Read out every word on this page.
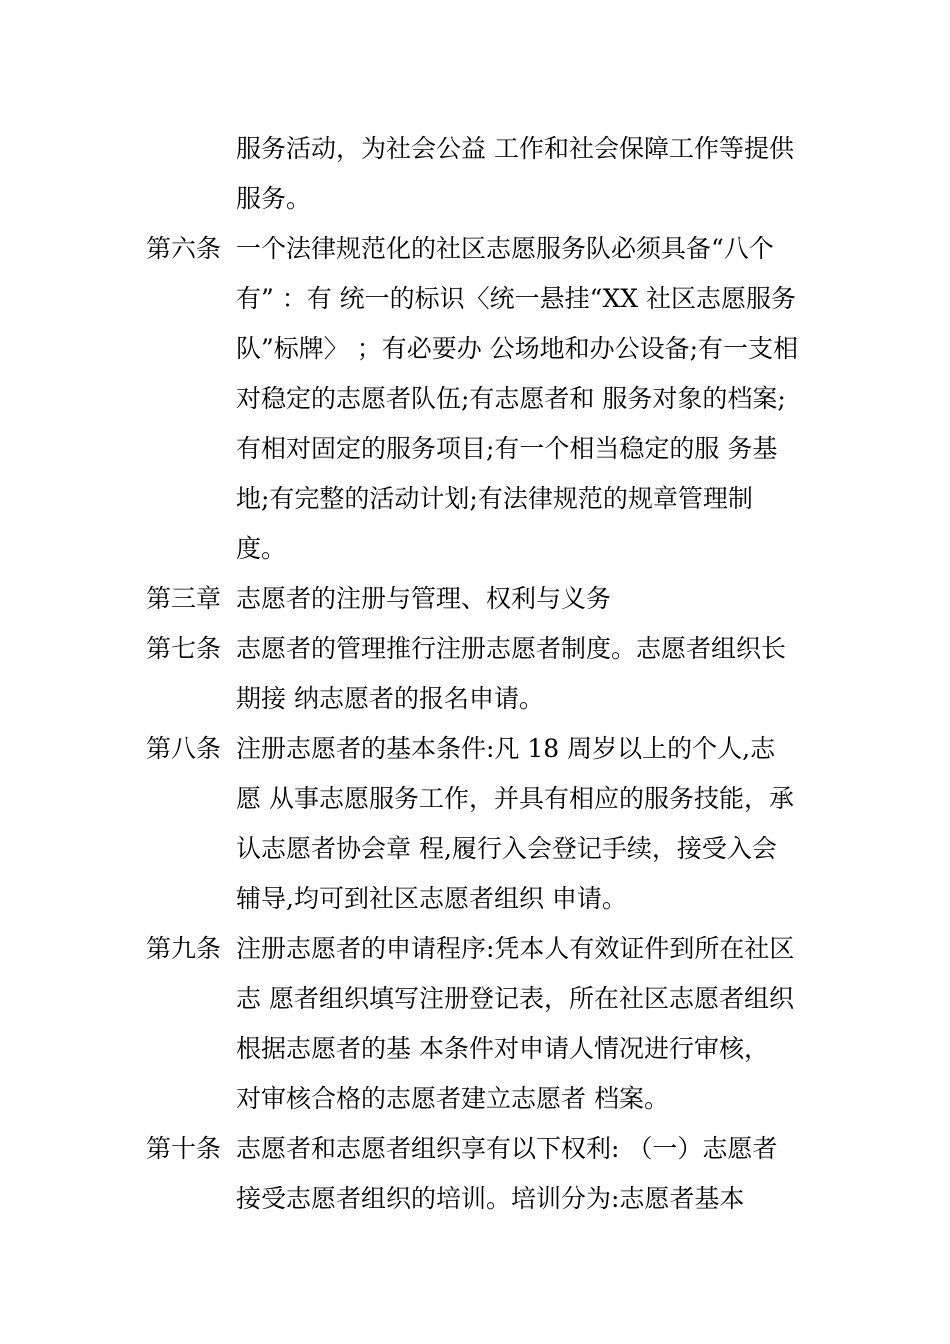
服务活动，为社会公益 工作和社会保障工作等提供服务。
第六条 一个法律规范化的社区志愿服务队必须具备“八个有” ：有 统一的标识〈统一悬挂“XX 社区志愿服务队”标牌〉 ；有必要办 公场地和办公设备;有一支相对稳定的志愿者队伍;有志愿者和 服务对象的档案;有相对固定的服务项目;有一个相当稳定的服 务基地;有完整的活动计划;有法律规范的规章管理制度。
第三章 志愿者的注册与管理、权利与义务
第七条 志愿者的管理推行注册志愿者制度。志愿者组织长期接 纳志愿者的报名申请。
第八条 注册志愿者的基本条件:凡 18 周岁以上的个人,志愿 从事志愿服务工作，并具有相应的服务技能，承认志愿者协会章 程,履行入会登记手续，接受入会辅导,均可到社区志愿者组织 申请。
第九条 注册志愿者的申请程序:凭本人有效证件到所在社区志 愿者组织填写注册登记表，所在社区志愿者组织根据志愿者的基 本条件对申请人情况进行审核， 对审核合格的志愿者建立志愿者 档案。
第十条 志愿者和志愿者组织享有以下权利: （一）志愿者接受志愿者组织的培训。培训分为:志愿者基本
